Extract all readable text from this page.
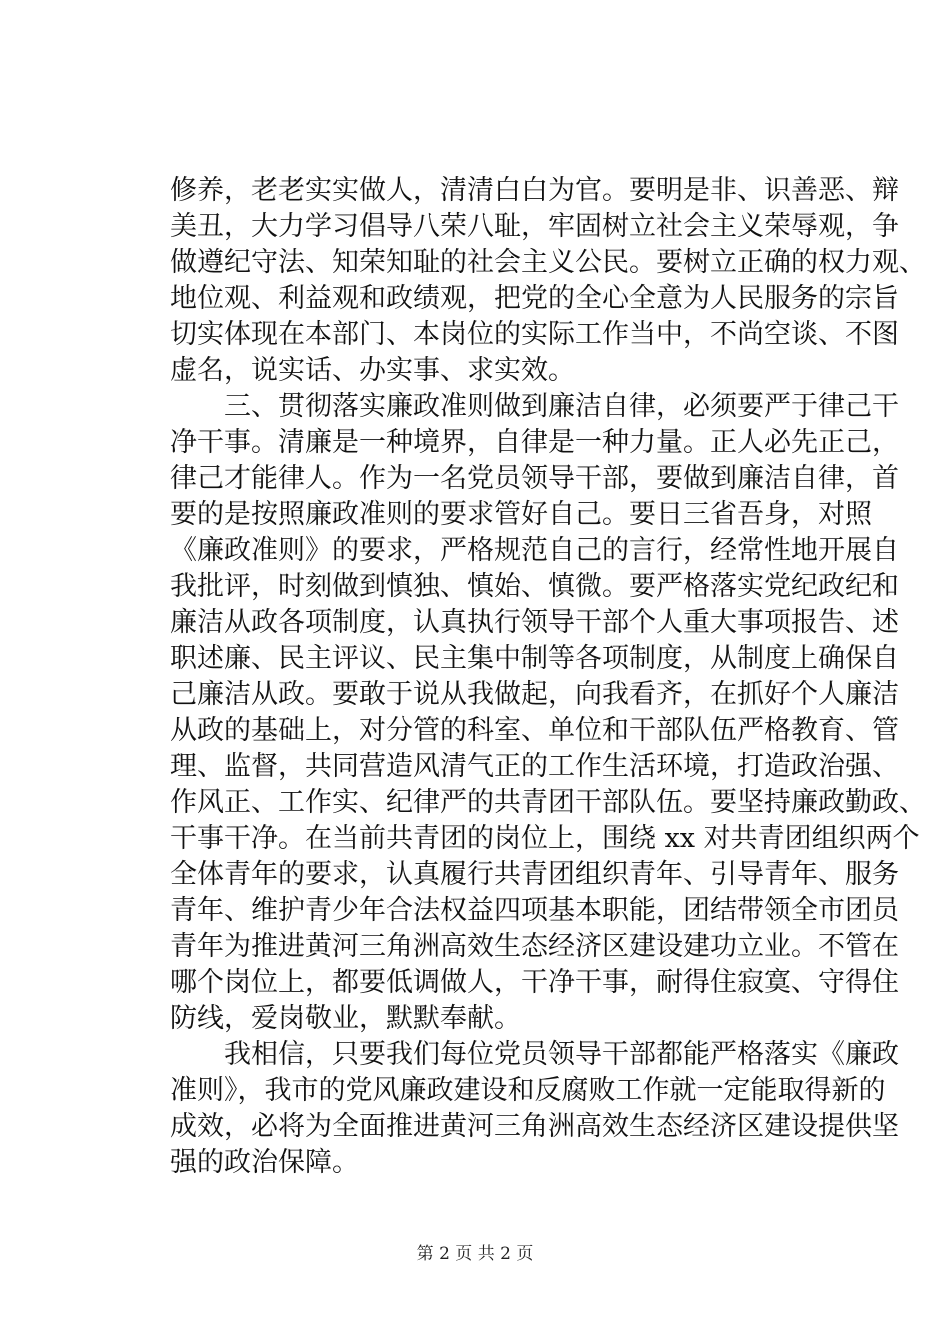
修养，老老实实做人，清清白白为官。要明是非、识善恶、辩
美丑，大力学习倡导八荣八耻，牢固树立社会主义荣辱观，争
做遵纪守法、知荣知耻的社会主义公民。要树立正确的权力观、
地位观、利益观和政绩观，把党的全心全意为人民服务的宗旨
切实体现在本部门、本岗位的实际工作当中，不尚空谈、不图
虚名，说实话、办实事、求实效。
　　三、贯彻落实廉政准则做到廉洁自律，必须要严于律己干
净干事。清廉是一种境界，自律是一种力量。正人必先正己，
律己才能律人。作为一名党员领导干部，要做到廉洁自律，首
要的是按照廉政准则的要求管好自己。要日三省吾身，对照
《廉政准则》的要求，严格规范自己的言行，经常性地开展自
我批评，时刻做到慎独、慎始、慎微。要严格落实党纪政纪和
廉洁从政各项制度，认真执行领导干部个人重大事项报告、述
职述廉、民主评议、民主集中制等各项制度，从制度上确保自
己廉洁从政。要敢于说从我做起，向我看齐，在抓好个人廉洁
从政的基础上，对分管的科室、单位和干部队伍严格教育、管
理、监督，共同营造风清气正的工作生活环境，打造政治强、
作风正、工作实、纪律严的共青团干部队伍。要坚持廉政勤政、
干事干净。在当前共青团的岗位上，围绕 xx 对共青团组织两个
全体青年的要求，认真履行共青团组织青年、引导青年、服务
青年、维护青少年合法权益四项基本职能，团结带领全市团员
青年为推进黄河三角洲高效生态经济区建设建功立业。不管在
哪个岗位上，都要低调做人，干净干事，耐得住寂寞、守得住
防线，爱岗敬业，默默奉献。
　　我相信，只要我们每位党员领导干部都能严格落实《廉政
准则》，我市的党风廉政建设和反腐败工作就一定能取得新的
成效，必将为全面推进黄河三角洲高效生态经济区建设提供坚
强的政治保障。
第 2 页 共 2 页
